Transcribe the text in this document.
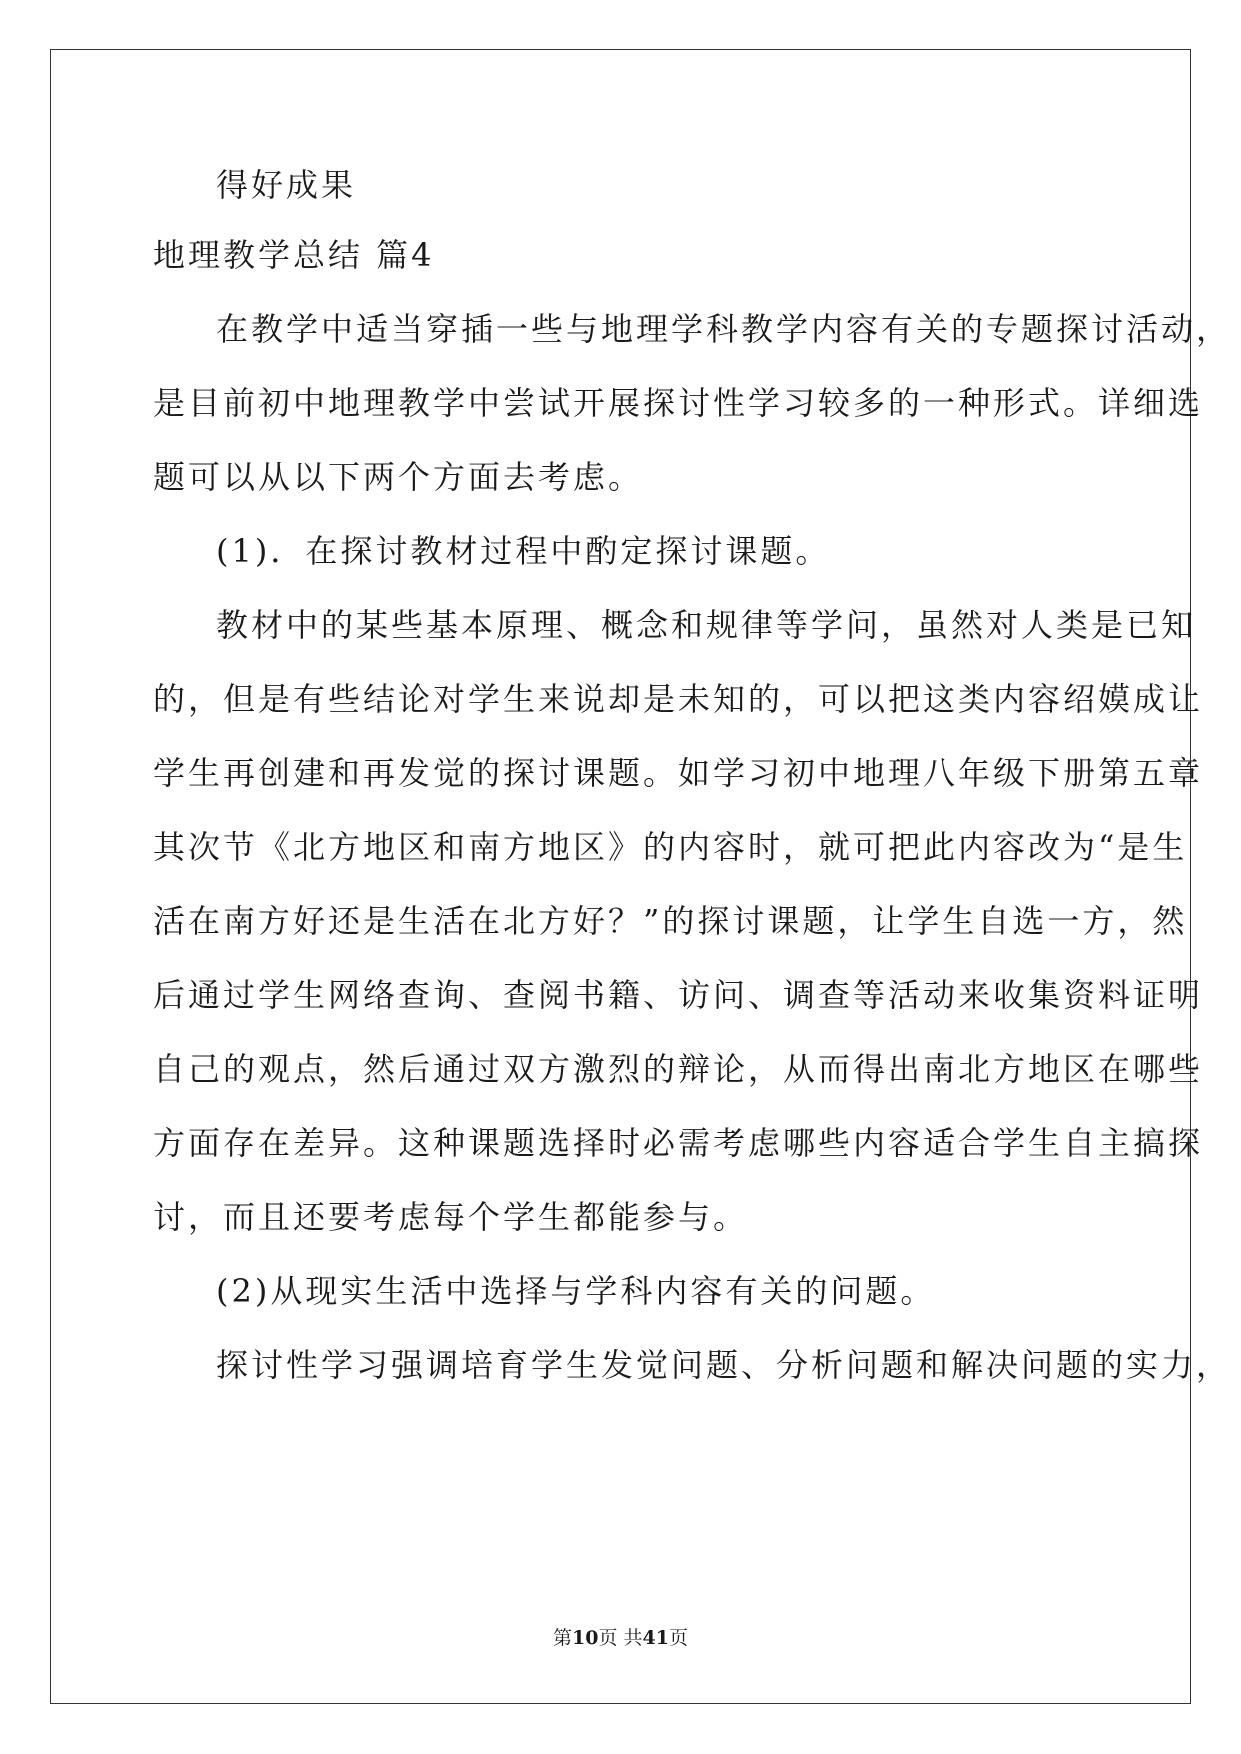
得好成果
地理教学总结 篇4
在教学中适当穿插一些与地理学科教学内容有关的专题探讨活动，
是目前初中地理教学中尝试开展探讨性学习较多的一种形式。详细选
题可以从以下两个方面去考虑。
(1)．在探讨教材过程中酌定探讨课题。
教材中的某些基本原理、概念和规律等学问，虽然对人类是已知
的，但是有些结论对学生来说却是未知的，可以把这类内容绍嫫成让
学生再创建和再发觉的探讨课题。如学习初中地理八年级下册第五章
其次节《北方地区和南方地区》的内容时，就可把此内容改为“是生
活在南方好还是生活在北方好？”的探讨课题，让学生自选一方，然
后通过学生网络查询、查阅书籍、访问、调查等活动来收集资料证明
自己的观点，然后通过双方激烈的辩论，从而得出南北方地区在哪些
方面存在差异。这种课题选择时必需考虑哪些内容适合学生自主搞探
讨，而且还要考虑每个学生都能参与。
(2)从现实生活中选择与学科内容有关的问题。
探讨性学习强调培育学生发觉问题、分析问题和解决问题的实力，
第10页 共41页
